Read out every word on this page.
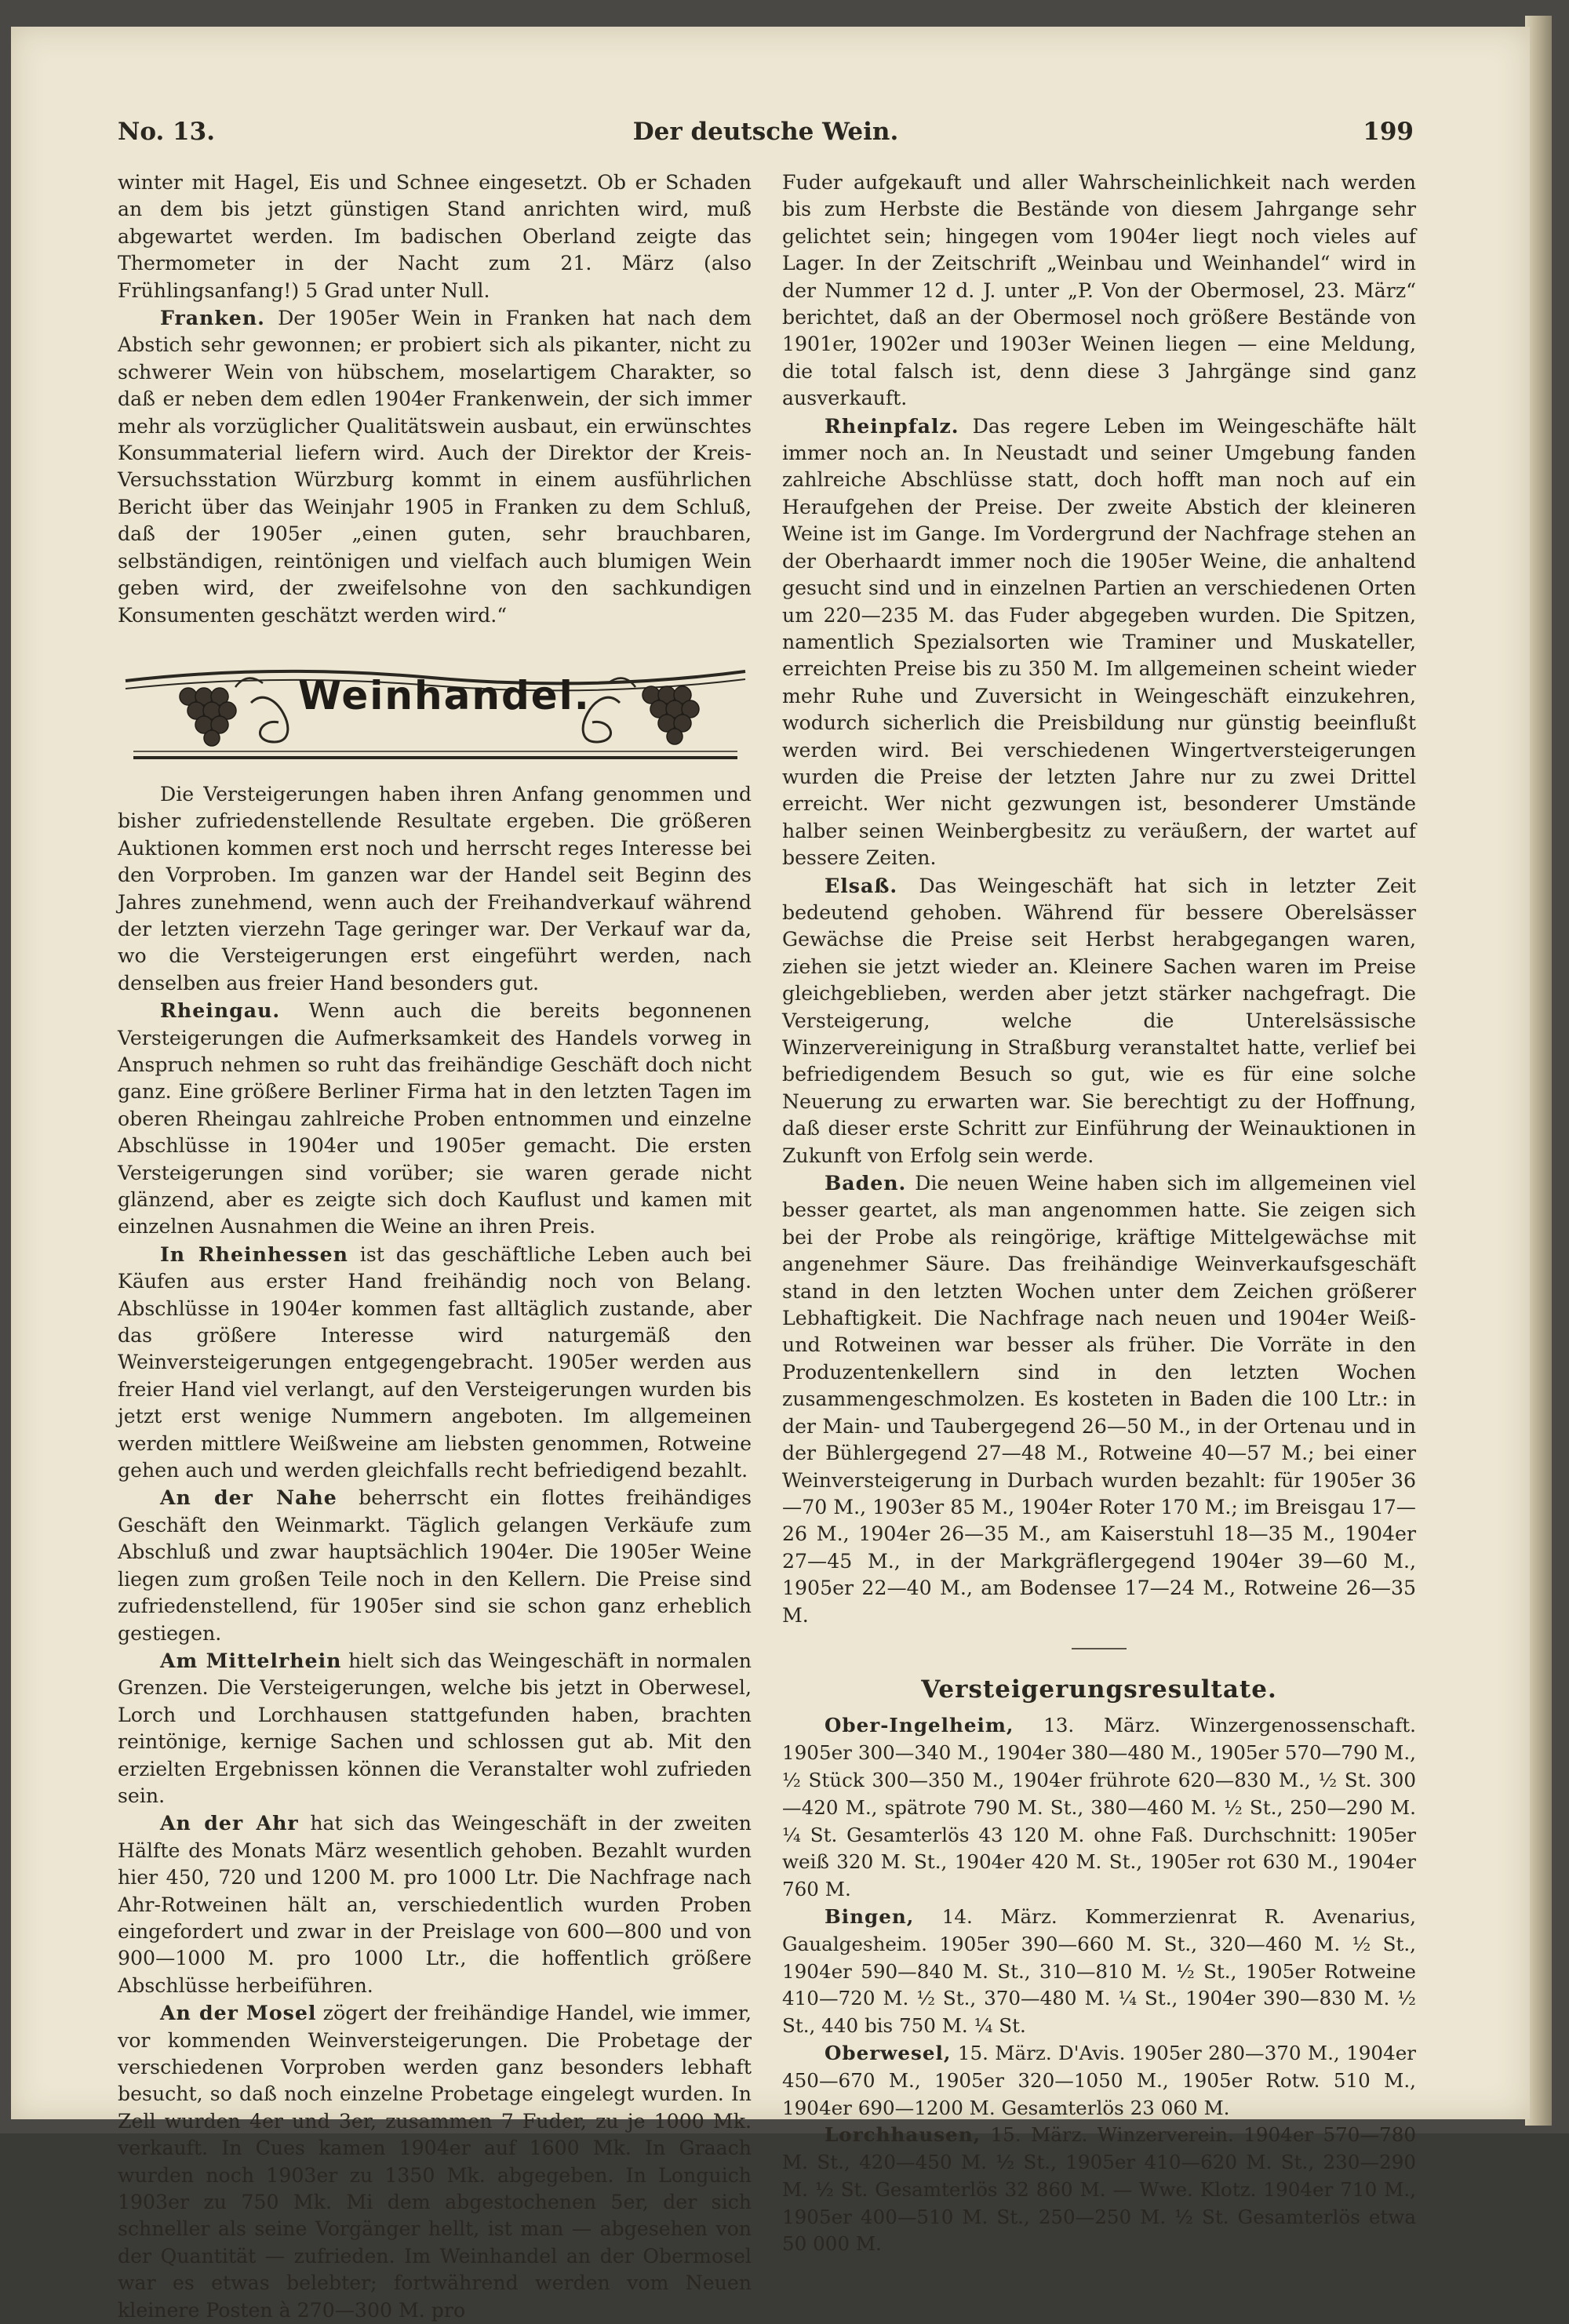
No. 13.	Der deutsche Wein.	199

winter mit Hagel, Eis und Schnee eingesetzt. Ob er Schaden an dem bis jetzt günstigen Stand anrichten wird, muß abgewartet werden. Im badischen Oberland zeigte das Thermometer in der Nacht zum 21. März (also Frühlingsanfang!) 5 Grad unter Null.

Franken. Der 1905er Wein in Franken hat nach dem Abstich sehr gewonnen; er probiert sich als pikanter, nicht zu schwerer Wein von hübschem, moselartigem Charakter, so daß er neben dem edlen 1904er Frankenwein, der sich immer mehr als vorzüglicher Qualitätswein ausbaut, ein erwünschtes Konsummaterial liefern wird. Auch der Direktor der Kreis-Versuchsstation Würzburg kommt in einem ausführlichen Bericht über das Weinjahr 1905 in Franken zu dem Schluß, daß der 1905er „einen guten, sehr brauchbaren, selbständigen, reintönigen und vielfach auch blumigen Wein geben wird, der zweifelsohne von den sachkundigen Konsumenten geschätzt werden wird.“

Weinhandel.

Die Versteigerungen haben ihren Anfang genommen und bisher zufriedenstellende Resultate ergeben. Die größeren Auktionen kommen erst noch und herrscht reges Interesse bei den Vorproben. Im ganzen war der Handel seit Beginn des Jahres zunehmend, wenn auch der Freihandverkauf während der letzten vierzehn Tage geringer war. Der Verkauf war da, wo die Versteigerungen erst eingeführt werden, nach denselben aus freier Hand besonders gut.

Rheingau. Wenn auch die bereits begonnenen Versteigerungen die Aufmerksamkeit des Handels vorweg in Anspruch nehmen so ruht das freihändige Geschäft doch nicht ganz. Eine größere Berliner Firma hat in den letzten Tagen im oberen Rheingau zahlreiche Proben entnommen und einzelne Abschlüsse in 1904er und 1905er gemacht. Die ersten Versteigerungen sind vorüber; sie waren gerade nicht glänzend, aber es zeigte sich doch Kauflust und kamen mit einzelnen Ausnahmen die Weine an ihren Preis.

In Rheinhessen ist das geschäftliche Leben auch bei Käufen aus erster Hand freihändig noch von Belang. Abschlüsse in 1904er kommen fast alltäglich zustande, aber das größere Interesse wird naturgemäß den Weinversteigerungen entgegengebracht. 1905er werden aus freier Hand viel verlangt, auf den Versteigerungen wurden bis jetzt erst wenige Nummern angeboten. Im allgemeinen werden mittlere Weißweine am liebsten genommen, Rotweine gehen auch und werden gleichfalls recht befriedigend bezahlt.

An der Nahe beherrscht ein flottes freihändiges Geschäft den Weinmarkt. Täglich gelangen Verkäufe zum Abschluß und zwar hauptsächlich 1904er. Die 1905er Weine liegen zum großen Teile noch in den Kellern. Die Preise sind zufriedenstellend, für 1905er sind sie schon ganz erheblich gestiegen.

Am Mittelrhein hielt sich das Weingeschäft in normalen Grenzen. Die Versteigerungen, welche bis jetzt in Oberwesel, Lorch und Lorchhausen stattgefunden haben, brachten reintönige, kernige Sachen und schlossen gut ab. Mit den erzielten Ergebnissen können die Veranstalter wohl zufrieden sein.

An der Ahr hat sich das Weingeschäft in der zweiten Hälfte des Monats März wesentlich gehoben. Bezahlt wurden hier 450, 720 und 1200 M. pro 1000 Ltr. Die Nachfrage nach Ahr-Rotweinen hält an, verschiedentlich wurden Proben eingefordert und zwar in der Preislage von 600—800 und von 900—1000 M. pro 1000 Ltr., die hoffentlich größere Abschlüsse herbeiführen.

An der Mosel zögert der freihändige Handel, wie immer, vor kommenden Weinversteigerungen. Die Probetage der verschiedenen Vorproben werden ganz besonders lebhaft besucht, so daß noch einzelne Probetage eingelegt wurden. In Zell wurden 4er und 3er, zusammen 7 Fuder, zu je 1000 Mk. verkauft. In Cues kamen 1904er auf 1600 Mk. In Graach wurden noch 1903er zu 1350 Mk. abgegeben. In Longuich 1903er zu 750 Mk. Mi dem abgestochenen 5er, der sich schneller als seine Vorgänger hellt, ist man — abgesehen von der Quantität — zufrieden. Im Weinhandel an der Obermosel war es etwas belebter; fortwährend werden vom Neuen kleinere Posten à 270—300 M. pro

Fuder aufgekauft und aller Wahrscheinlichkeit nach werden bis zum Herbste die Bestände von diesem Jahrgange sehr gelichtet sein; hingegen vom 1904er liegt noch vieles auf Lager. In der Zeitschrift „Weinbau und Weinhandel“ wird in der Nummer 12 d. J. unter „P. Von der Obermosel, 23. März“ berichtet, daß an der Obermosel noch größere Bestände von 1901er, 1902er und 1903er Weinen liegen — eine Meldung, die total falsch ist, denn diese 3 Jahrgänge sind ganz ausverkauft.

Rheinpfalz. Das regere Leben im Weingeschäfte hält immer noch an. In Neustadt und seiner Umgebung fanden zahlreiche Abschlüsse statt, doch hofft man noch auf ein Heraufgehen der Preise. Der zweite Abstich der kleineren Weine ist im Gange. Im Vordergrund der Nachfrage stehen an der Oberhaardt immer noch die 1905er Weine, die anhaltend gesucht sind und in einzelnen Partien an verschiedenen Orten um 220—235 M. das Fuder abgegeben wurden. Die Spitzen, namentlich Spezialsorten wie Traminer und Muskateller, erreichten Preise bis zu 350 M. Im allgemeinen scheint wieder mehr Ruhe und Zuversicht in Weingeschäft einzukehren, wodurch sicherlich die Preisbildung nur günstig beeinflußt werden wird. Bei verschiedenen Wingertversteigerungen wurden die Preise der letzten Jahre nur zu zwei Drittel erreicht. Wer nicht gezwungen ist, besonderer Umstände halber seinen Weinbergbesitz zu veräußern, der wartet auf bessere Zeiten.

Elsaß. Das Weingeschäft hat sich in letzter Zeit bedeutend gehoben. Während für bessere Oberelsässer Gewächse die Preise seit Herbst herabgegangen waren, ziehen sie jetzt wieder an. Kleinere Sachen waren im Preise gleichgeblieben, werden aber jetzt stärker nachgefragt. Die Versteigerung, welche die Unterelsässische Winzervereinigung in Straßburg veranstaltet hatte, verlief bei befriedigendem Besuch so gut, wie es für eine solche Neuerung zu erwarten war. Sie berechtigt zu der Hoffnung, daß dieser erste Schritt zur Einführung der Weinauktionen in Zukunft von Erfolg sein werde.

Baden. Die neuen Weine haben sich im allgemeinen viel besser geartet, als man angenommen hatte. Sie zeigen sich bei der Probe als reingörige, kräftige Mittelgewächse mit angenehmer Säure. Das freihändige Weinverkaufsgeschäft stand in den letzten Wochen unter dem Zeichen größerer Lebhaftigkeit. Die Nachfrage nach neuen und 1904er Weiß- und Rotweinen war besser als früher. Die Vorräte in den Produzentenkellern sind in den letzten Wochen zusammengeschmolzen. Es kosteten in Baden die 100 Ltr.: in der Main- und Taubergegend 26—50 M., in der Ortenau und in der Bühlergegend 27—48 M., Rotweine 40—57 M.; bei einer Weinversteigerung in Durbach wurden bezahlt: für 1905er 36—70 M., 1903er 85 M., 1904er Roter 170 M.; im Breisgau 17—26 M., 1904er 26—35 M., am Kaiserstuhl 18—35 M., 1904er 27—45 M., in der Markgräflergegend 1904er 39—60 M., 1905er 22—40 M., am Bodensee 17—24 M., Rotweine 26—35 M.

Versteigerungsresultate.

Ober-Ingelheim, 13. März. Winzergenossenschaft. 1905er 300—340 M., 1904er 380—480 M., 1905er 570—790 M., ½ Stück 300—350 M., 1904er frührote 620—830 M., ½ St. 300—420 M., spätrote 790 M. St., 380—460 M. ½ St., 250—290 M. ¼ St. Gesamterlös 43 120 M. ohne Faß. Durchschnitt: 1905er weiß 320 M. St., 1904er 420 M. St., 1905er rot 630 M., 1904er 760 M.

Bingen, 14. März. Kommerzienrat R. Avenarius, Gaualgesheim. 1905er 390—660 M. St., 320—460 M. ½ St., 1904er 590—840 M. St., 310—810 M. ½ St., 1905er Rotweine 410—720 M. ½ St., 370—480 M. ¼ St., 1904er 390—830 M. ½ St., 440 bis 750 M. ¼ St.

Oberwesel, 15. März. D'Avis. 1905er 280—370 M., 1904er 450—670 M., 1905er 320—1050 M., 1905er Rotw. 510 M., 1904er 690—1200 M. Gesamterlös 23 060 M.

Lorchhausen, 15. März. Winzerverein. 1904er 570—780 M. St., 420—450 M. ½ St., 1905er 410—620 M. St., 230—290 M. ½ St. Gesamterlös 32 860 M. — Wwe. Klotz. 1904er 710 M., 1905er 400—510 M. St., 250—250 M. ½ St. Gesamterlös etwa 50 000 M.
